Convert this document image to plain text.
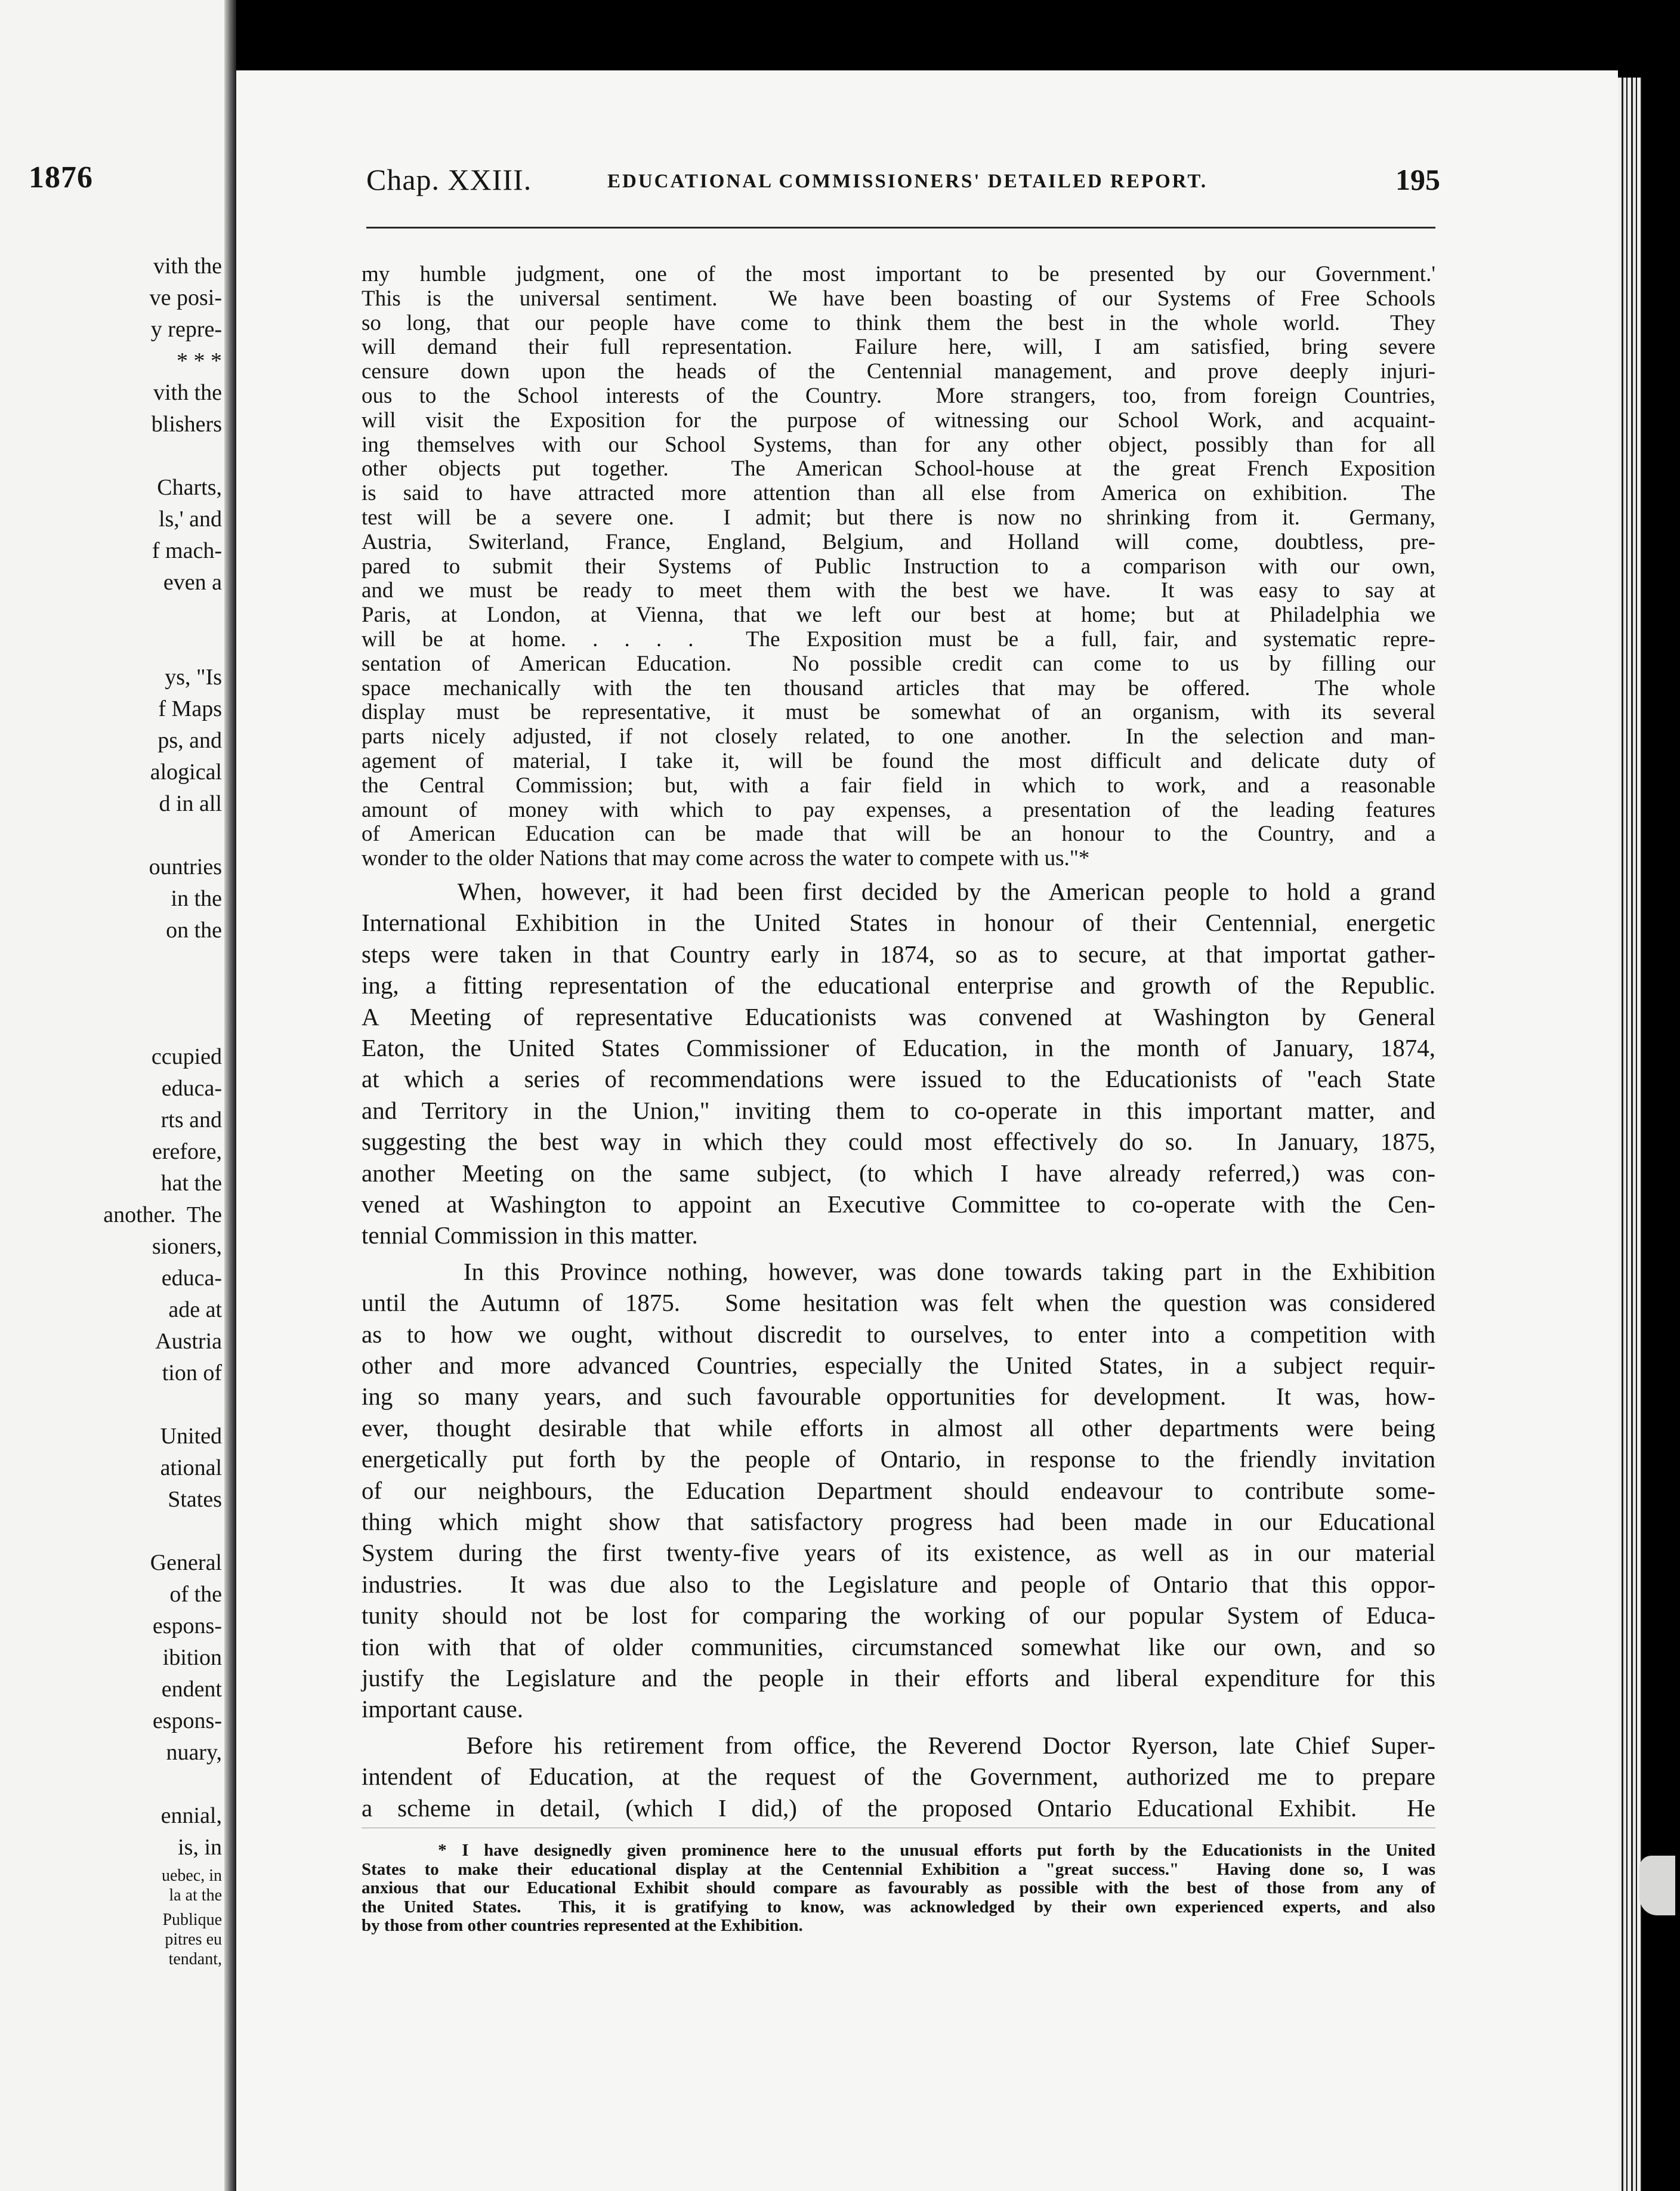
1876
vith the
ve posi-
y repre-
* * *
vith the
blishers
Charts,
ls,' and
f mach-
even a
ys, "Is
f Maps
ps, and
alogical
d in all
ountries
in the
on the
ccupied
educa-
rts and
erefore,
hat the
another.  The
sioners,
educa-
ade at
Austria
tion of
United
ational
States
General
of the
espons-
ibition
endent
espons-
nuary,
ennial,
is, in
uebec, in
la at the
Publique
pitres eu
tendant,
Chap. XXIII.	EDUCATIONAL COMMISSIONERS' DETAILED REPORT.	195
my humble judgment, one of the most important to be presented by our Government.'
This is the universal sentiment.  We have been boasting of our Systems of Free Schools
so long, that our people have come to think them the best in the whole world.  They
will demand their full representation.  Failure here, will, I am satisfied, bring severe
censure down upon the heads of the Centennial management, and prove deeply injuri-
ous to the School interests of the Country.  More strangers, too, from foreign Countries,
will visit the Exposition for the purpose of witnessing our School Work, and acquaint-
ing themselves with our School Systems, than for any other object, possibly than for all
other objects put together.  The American School-house at the great French Exposition
is said to have attracted more attention than all else from America on exhibition.  The
test will be a severe one.  I admit; but there is now no shrinking from it.  Germany,
Austria, Switerland, France, England, Belgium, and Holland will come, doubtless, pre-
pared to submit their Systems of Public Instruction to a comparison with our own,
and we must be ready to meet them with the best we have.  It was easy to say at
Paris, at London, at Vienna, that we left our best at home; but at Philadelphia we
will be at home. . . . .  The Exposition must be a full, fair, and systematic repre-
sentation of American Education.  No possible credit can come to us by filling our
space mechanically with the ten thousand articles that may be offered.  The whole
display must be representative, it must be somewhat of an organism, with its several
parts nicely adjusted, if not closely related, to one another.  In the selection and man-
agement of material, I take it, will be found the most difficult and delicate duty of
the Central Commission; but, with a fair field in which to work, and a reasonable
amount of money with which to pay expenses, a presentation of the leading features
of American Education can be made that will be an honour to the Country, and a
wonder to the older Nations that may come across the water to compete with us."*
When, however, it had been first decided by the American people to hold a grand
International Exhibition in the United States in honour of their Centennial, energetic
steps were taken in that Country early in 1874, so as to secure, at that importat gather-
ing, a fitting representation of the educational enterprise and growth of the Republic.
A Meeting of representative Educationists was convened at Washington by General
Eaton, the United States Commissioner of Education, in the month of January, 1874,
at which a series of recommendations were issued to the Educationists of "each State
and Territory in the Union," inviting them to co-operate in this important matter, and
suggesting the best way in which they could most effectively do so.  In January, 1875,
another Meeting on the same subject, (to which I have already referred,) was con-
vened at Washington to appoint an Executive Committee to co-operate with the Cen-
tennial Commission in this matter.
In this Province nothing, however, was done towards taking part in the Exhibition
until the Autumn of 1875.  Some hesitation was felt when the question was considered
as to how we ought, without discredit to ourselves, to enter into a competition with
other and more advanced Countries, especially the United States, in a subject requir-
ing so many years, and such favourable opportunities for development.  It was, how-
ever, thought desirable that while efforts in almost all other departments were being
energetically put forth by the people of Ontario, in response to the friendly invitation
of our neighbours, the Education Department should endeavour to contribute some-
thing which might show that satisfactory progress had been made in our Educational
System during the first twenty-five years of its existence, as well as in our material
industries.  It was due also to the Legislature and people of Ontario that this oppor-
tunity should not be lost for comparing the working of our popular System of Educa-
tion with that of older communities, circumstanced somewhat like our own, and so
justify the Legislature and the people in their efforts and liberal expenditure for this
important cause.
Before his retirement from office, the Reverend Doctor Ryerson, late Chief Super-
intendent of Education, at the request of the Government, authorized me to prepare
a scheme in detail, (which I did,) of the proposed Ontario Educational Exhibit.  He
* I have designedly given prominence here to the unusual efforts put forth by the Educationists in the United
States to make their educational display at the Centennial Exhibition a "great success."  Having done so, I was
anxious that our Educational Exhibit should compare as favourably as possible with the best of those from any of
the United States.  This, it is gratifying to know, was acknowledged by their own experienced experts, and also
by those from other countries represented at the Exhibition.
